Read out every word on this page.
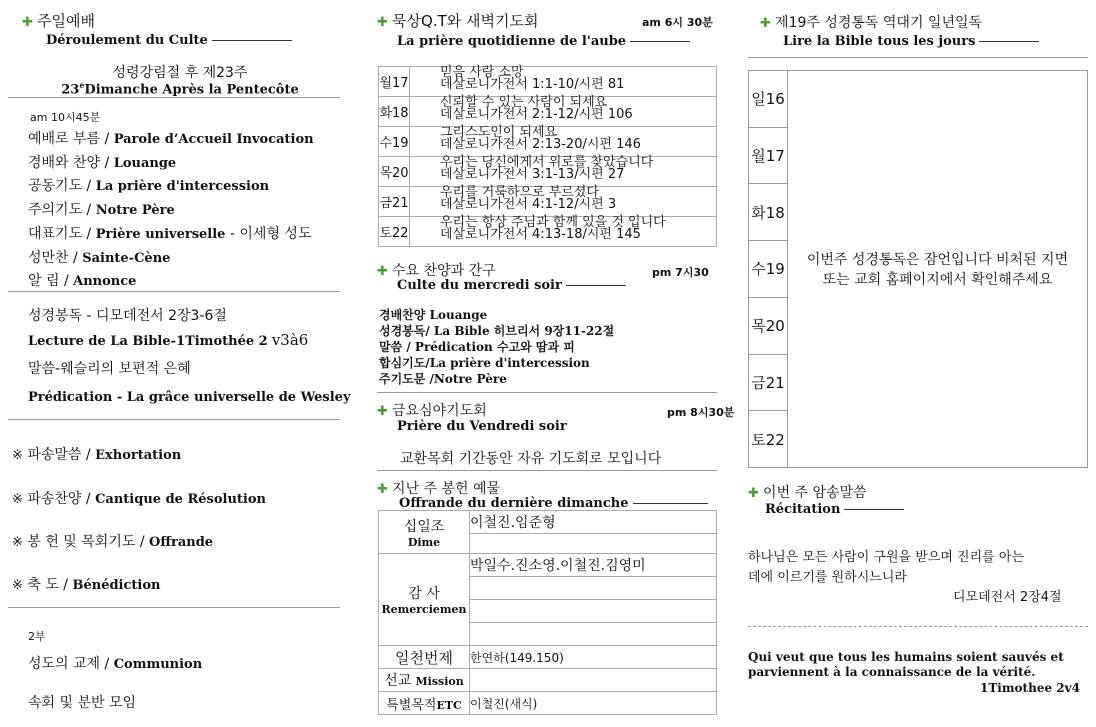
✚ 주일예배
Déroulement du Culte
성령강림절 후 제23주
23eDimanche Après la Pentecôte
am 10시45분
예배로 부름 / Parole d’Accueil Invocation
경배와 찬양 / Louange
공동기도 / La prière d'intercession
주의기도 / Notre Père
대표기도 / Prière universelle - 이세형 성도
성만찬 / Sainte-Cène
알 림 / Annonce
성경봉독 - 디모데전서 2장3-6절
Lecture de La Bible-1Timothée 2 v3à6
말씀-웨슬리의 보편적 은혜
Prédication - La grâce universelle de Wesley
※ 파송말씀 / Exhortation
※ 파송찬양 / Cantique de Résolution
※ 봉 헌 및 목회기도 / Offrande
※ 축 도 / Bénédiction
2부
성도의 교제 / Communion
속회 및 분반 모임
✚ 묵상Q.T와 새벽기도회	am 6시 30분
La prière quotidienne de l'aube
월17	믿음 사랑 소망
데살로니가전서 1:1-10/시편 81

화18	신뢰할 수 있는 사람이 되세요
데살로니가전서 2:1-12/시편 106

수19	그리스도인이 되세요
데살로니가전서 2:13-20/시편 146

목20	우리는 당신에게서 위로를 찾았습니다
데살로니가전서 3:1-13/시편 27

금21	우리를 거룩하으로 부르셨다
데살로니가전서 4:1-12/시편 3

토22	우리는 항상 주님과 함께 있을 것 입니다
데살로니가전서 4:13-18/시편 145
✚ 수요 찬양과 간구	pm 7시30
Culte du mercredi soir
경배찬양 Louange
성경봉독/ La Bible 히브리서 9장11-22절
말씀 / Prédication 수고와 땀과 피
합심기도/La prière d'intercession
주기도문 /Notre Père
✚ 금요심야기도회	pm 8시30분
Prière du Vendredi soir
교환목회 기간동안 자유 기도회로 모입니다
✚ 지난 주 봉헌 예물
Offrande du dernière dimanche
십일조
Dime	이철진.임준형

감 사
Remerciemen	박일수.진소영.이철진.김영미

일천번제	한연하(149.150)
선교 Mission	
특별목적ETC	이철진(새식)
✚ 제19주 성경통독 역대기 일년일독
Lire la Bible tous les jours
일16	
이번주 성경통독은 잠언입니다 비처된 지면
또는 교회 홈페이지에서 확인해주세요

월17
화18
수19
목20
금21
토22
✚ 이번 주 암송말씀
Récitation
하나님은 모든 사람이 구원을 받으며 진리를 아는
데에 이르기를 원하시느니라
디모데전서 2장4절
Qui veut que tous les humains soient sauvés et
parviennent à la connaissance de la vérité.
1Timothee 2v4
